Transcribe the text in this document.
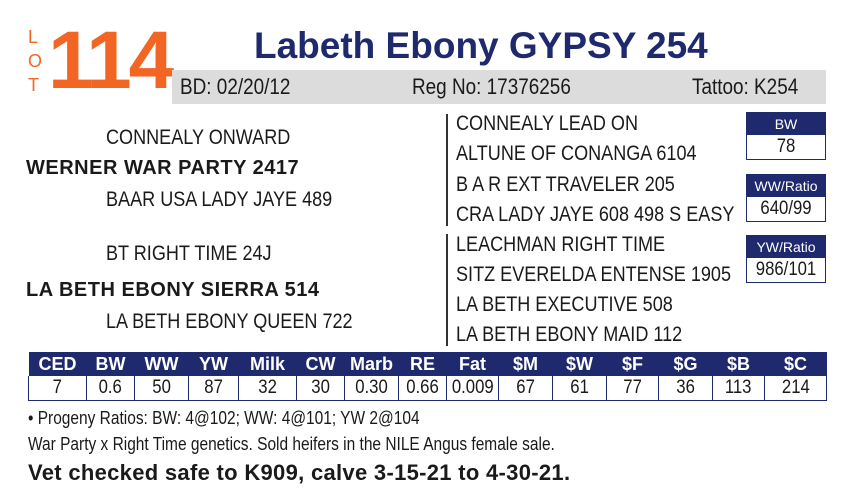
L
O
T 114 Labeth Ebony GYPSY 254
BD: 02/20/12	Reg No: 17376256	Tattoo: K254
CONNEALY ONWARD
WERNER WAR PARTY 2417
BAAR USA LADY JAYE 489
BT RIGHT TIME 24J
LA BETH EBONY SIERRA 514
LA BETH EBONY QUEEN 722
CONNEALY LEAD ON
ALTUNE OF CONANGA 6104
B A R EXT TRAVELER 205
CRA LADY JAYE 608 498 S EASY
LEACHMAN RIGHT TIME
SITZ EVERELDA ENTENSE 1905
LA BETH EXECUTIVE 508
LA BETH EBONY MAID 112
BW
78
WW/Ratio
640/99
YW/Ratio
986/101
CED	BW	WW	YW	Milk	CW	Marb	RE	Fat	$M	$W	$F	$G	$B	$C
7	0.6	50	87	32	30	0.30	0.66	0.009	67	61	77	36	113	214
• Progeny Ratios: BW: 4@102; WW: 4@101; YW 2@104
War Party x Right Time genetics. Sold heifers in the NILE Angus female sale.
Vet checked safe to K909, calve 3-15-21 to 4-30-21.
